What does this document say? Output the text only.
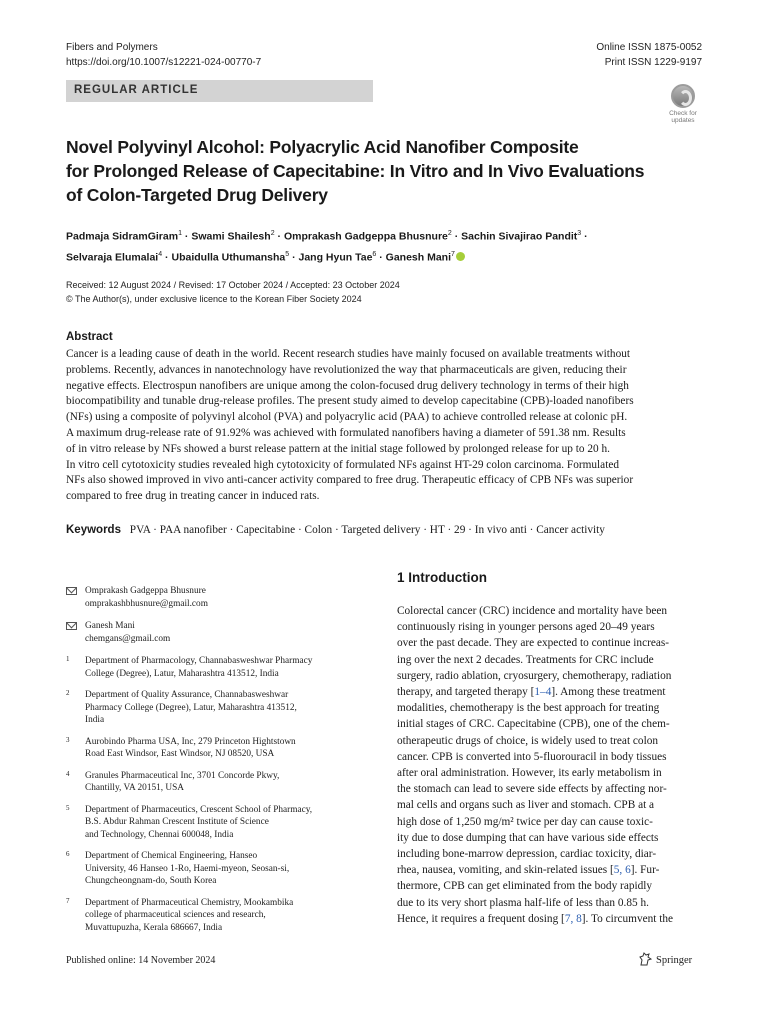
Fibers and Polymers
https://doi.org/10.1007/s12221-024-00770-7
Online ISSN 1875-0052
Print ISSN 1229-9197
REGULAR ARTICLE
Check for
updates
Novel Polyvinyl Alcohol: Polyacrylic Acid Nanofiber Composite
for Prolonged Release of Capecitabine: In Vitro and In Vivo Evaluations
of Colon-Targeted Drug Delivery
Padmaja SidramGiram$^1$ · Swami Shailesh$^2$ · Omprakash Gadgeppa Bhusnure$^2$ · Sachin Sivajirao Pandit$^3$ ·
Selvaraja Elumalai$^4$ · Ubaidulla Uthumansha$^5$ · Jang Hyun Tae$^6$ · Ganesh Mani$^7$
Received: 12 August 2024 / Revised: 17 October 2024 / Accepted: 23 October 2024
© The Author(s), under exclusive licence to the Korean Fiber Society 2024
Abstract
Cancer is a leading cause of death in the world. Recent research studies have mainly focused on available treatments without
problems. Recently, advances in nanotechnology have revolutionized the way that pharmaceuticals are given, reducing their
negative effects. Electrospun nanofibers are unique among the colon-focused drug delivery technology in terms of their high
biocompatibility and tunable drug-release profiles. The present study aimed to develop capecitabine (CPB)-loaded nanofibers
(NFs) using a composite of polyvinyl alcohol (PVA) and polyacrylic acid (PAA) to achieve controlled release at colonic pH.
A maximum drug-release rate of 91.92% was achieved with formulated nanofibers having a diameter of 591.38 nm. Results
of in vitro release by NFs showed a burst release pattern at the initial stage followed by prolonged release for up to 20 h.
In vitro cell cytotoxicity studies revealed high cytotoxicity of formulated NFs against HT-29 colon carcinoma. Formulated
NFs also showed improved in vivo anti-cancer activity compared to free drug. Therapeutic efficacy of CPB NFs was superior
compared to free drug in treating cancer in induced rats.
Keywords PVA · PAA nanofiber · Capecitabine · Colon · Targeted delivery · HT · 29 · In vivo anti · Cancer activity
Omprakash Gadgeppa Bhusnure
omprakashbhusnure@gmail.com
Ganesh Mani
chemgans@gmail.com
1 Department of Pharmacology, Channabasweshwar Pharmacy
College (Degree), Latur, Maharashtra 413512, India
2 Department of Quality Assurance, Channabasweshwar
Pharmacy College (Degree), Latur, Maharashtra 413512,
India
3 Aurobindo Pharma USA, Inc, 279 Princeton Hightstown
Road East Windsor, East Windsor, NJ 08520, USA
4 Granules Pharmaceutical Inc, 3701 Concorde Pkwy,
Chantilly, VA 20151, USA
5 Department of Pharmaceutics, Crescent School of Pharmacy,
B.S. Abdur Rahman Crescent Institute of Science
and Technology, Chennai 600048, India
6 Department of Chemical Engineering, Hanseo
University, 46 Hanseo 1-Ro, Haemi-myeon, Seosan-si,
Chungcheongnam-do, South Korea
7 Department of Pharmaceutical Chemistry, Mookambika
college of pharmaceutical sciences and research,
Muvattupuzha, Kerala 686667, India
1 Introduction
Colorectal cancer (CRC) incidence and mortality have been
continuously rising in younger persons aged 20–49 years
over the past decade. They are expected to continue increas-
ing over the next 2 decades. Treatments for CRC include
surgery, radio ablation, cryosurgery, chemotherapy, radiation
therapy, and targeted therapy [1–4]. Among these treatment
modalities, chemotherapy is the best approach for treating
initial stages of CRC. Capecitabine (CPB), one of the chem-
otherapeutic drugs of choice, is widely used to treat colon
cancer. CPB is converted into 5-fluorouracil in body tissues
after oral administration. However, its early metabolism in
the stomach can lead to severe side effects by affecting nor-
mal cells and organs such as liver and stomach. CPB at a
high dose of 1,250 mg/m² twice per day can cause toxic-
ity due to dose dumping that can have various side effects
including bone-marrow depression, cardiac toxicity, diar-
rhea, nausea, vomiting, and skin-related issues [5, 6]. Fur-
thermore, CPB can get eliminated from the body rapidly
due to its very short plasma half-life of less than 0.85 h.
Hence, it requires a frequent dosing [7, 8]. To circumvent the
Published online: 14 November 2024	Springer
